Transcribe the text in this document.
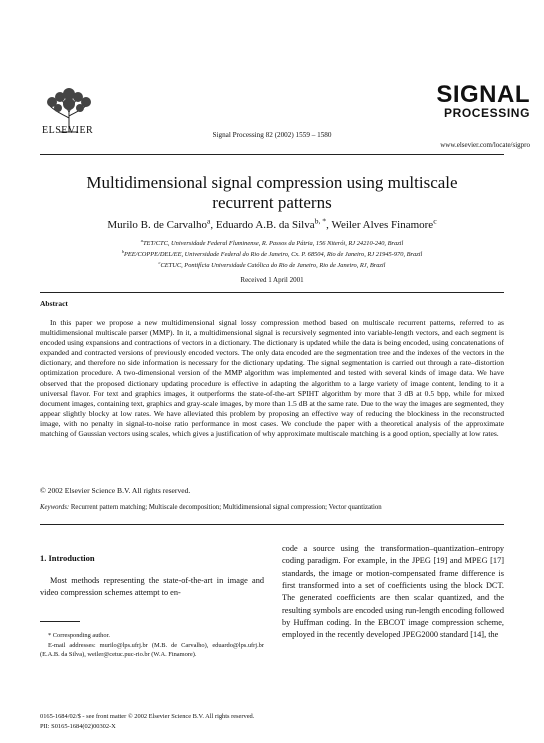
ELSEVIER	Signal Processing 82 (2002) 1559 – 1580
SIGNAL
PROCESSING
www.elsevier.com/locate/sigpro
Multidimensional signal compression using multiscale
recurrent patterns
Murilo B. de Carvalho$^a$, Eduardo A.B. da Silva$^{b, *}$, Weiler Alves Finamore$^c$
$^a$TET/CTC, Universidade Federal Fluminense, R. Passos da Pátria, 156 Niterói, RJ 24210-240, Brazil
$^b$PEE/COPPE/DEL/EE, Universidade Federal do Rio de Janeiro, Cx. P. 68504, Rio de Janeiro, RJ 21945-970, Brazil
$^c$CETUC, Pontifícia Universidade Católica do Rio de Janeiro, Rio de Janeiro, RJ, Brazil
Received 1 April 2001
Abstract
In this paper we propose a new multidimensional signal lossy compression method based on multiscale recurrent patterns, referred to as multidimensional multiscale parser (MMP). In it, a multidimensional signal is recursively segmented into variable-length vectors, and each segment is encoded using expansions and contractions of vectors in a dictionary. The dictionary is updated while the data is being encoded, using concatenations of expanded and contracted versions of previously encoded vectors. The only data encoded are the segmentation tree and the indexes of the vectors in the dictionary, and therefore no side information is necessary for the dictionary updating. The signal segmentation is carried out through a rate–distortion optimization procedure. A two-dimensional version of the MMP algorithm was implemented and tested with several kinds of image data. We have observed that the proposed dictionary updating procedure is effective in adapting the algorithm to a large variety of image content, lending to it a universal flavor. For text and graphics images, it outperforms the state-of-the-art SPIHT algorithm by more that 3 dB at 0.5 bpp, while for mixed document images, containing text, graphics and gray-scale images, by more than 1.5 dB at the same rate. Due to the way the images are segmented, they appear slightly blocky at low rates. We have alleviated this problem by proposing an effective way of reducing the blockiness in the reconstructed image, with no penalty in signal-to-noise ratio performance in most cases. We conclude the paper with a theoretical analysis of the approximate matching of Gaussian vectors using scales, which gives a justification of why approximate multiscale matching is a good option, specially at low rates.
© 2002 Elsevier Science B.V. All rights reserved.
Keywords: Recurrent pattern matching; Multiscale decomposition; Multidimensional signal compression; Vector quantization
1. Introduction
Most methods representing the state-of-the-art in image and video compression schemes attempt to en-
code a source using the transformation–quantization–entropy coding paradigm. For example, in the JPEG [19] and MPEG [17] standards, the image or motion-compensated frame difference is first transformed into a set of coefficients using the block DCT. The generated coefficients are then scalar quantized, and the resulting symbols are encoded using run-length encoding followed by Huffman coding. In the EBCOT image compression scheme, employed in the recently developed JPEG2000 standard [14], the
* Corresponding author.
E-mail addresses: murilo@lps.ufrj.br (M.B. de Carvalho), eduardo@lps.ufrj.br (E.A.B. da Silva), weiler@cetuc.puc-rio.br (W.A. Finamore).
0165-1684/02/$ - see front matter © 2002 Elsevier Science B.V. All rights reserved.
PII: S0165-1684(02)00302-X
